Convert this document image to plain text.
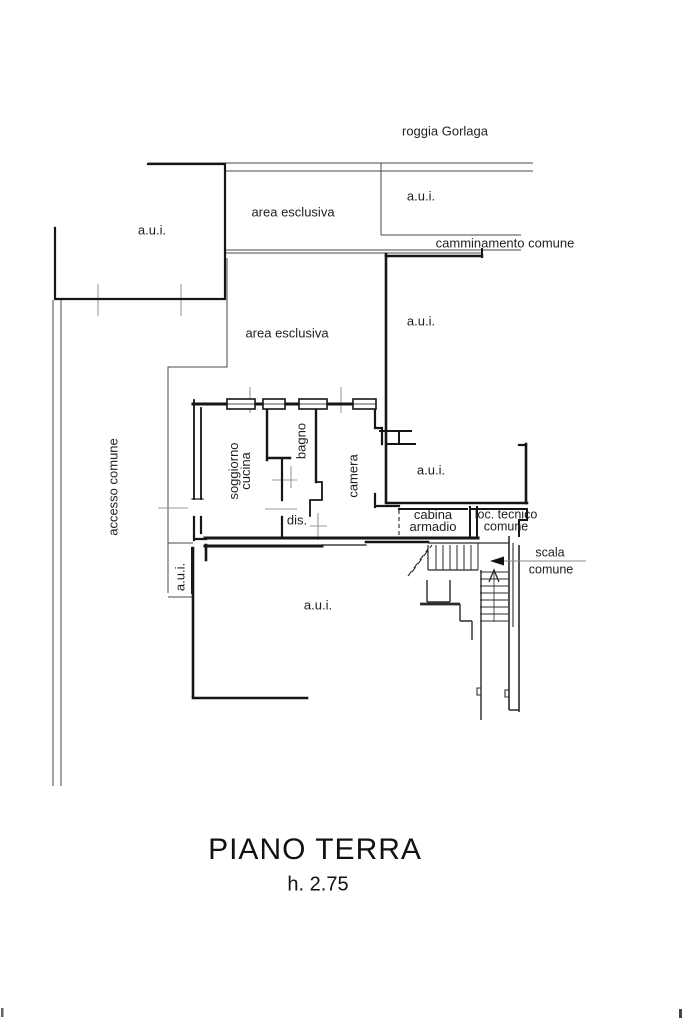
roggia Gorlaga
area esclusiva
a.u.i.
a.u.i.
camminamento comune
area esclusiva
a.u.i.
accesso comune	soggiorno
cucina
bagno
camera
dis.
a.u.i.
cabina
armadio
loc. tecnico
comune
scala
comune
a.u.i.
a.u.i.
PIANO TERRA
h. 2.75
